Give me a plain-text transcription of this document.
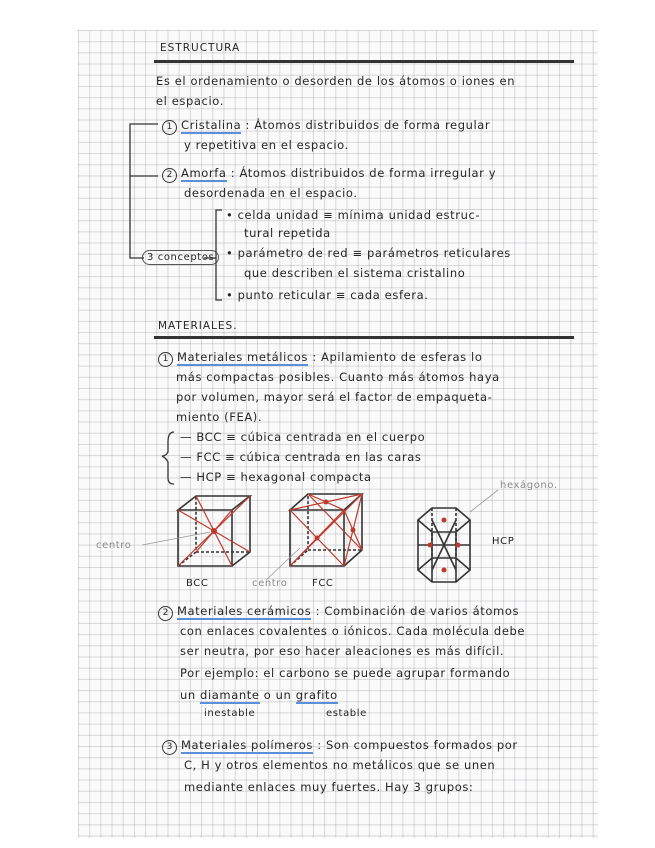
ESTRUCTURA
Es el ordenamiento o desorden de los átomos o iones en
el espacio.
1 Cristalina : Átomos distribuidos de forma regular
y repetitiva en el espacio.
2 Amorfa : Átomos distribuidos de forma irregular y
desordenada en el espacio.
3 conceptos
• celda unidad ≡ mínima unidad estruc-
tural repetida
• parámetro de red ≡ parámetros reticulares
que describen el sistema cristalino
• punto reticular ≡ cada esfera.
MATERIALES.
1 Materiales metálicos : Apilamiento de esferas lo
más compactas posibles. Cuanto más átomos haya
por volumen, mayor será el factor de empaqueta-
miento (FEA).
— BCC ≡ cúbica centrada en el cuerpo
— FCC ≡ cúbica centrada en las caras
— HCP ≡ hexagonal compacta
centro
BCC	centro FCC
HCP
hexágono.
2 Materiales cerámicos : Combinación de varios átomos
con enlaces covalentes o iónicos. Cada molécula debe
ser neutra, por eso hacer aleaciones es más difícil.
Por ejemplo: el carbono se puede agrupar formando
un diamante o un grafito
inestable	estable
3 Materiales polímeros : Son compuestos formados por
C, H y otros elementos no metálicos que se unen
mediante enlaces muy fuertes. Hay 3 grupos:
